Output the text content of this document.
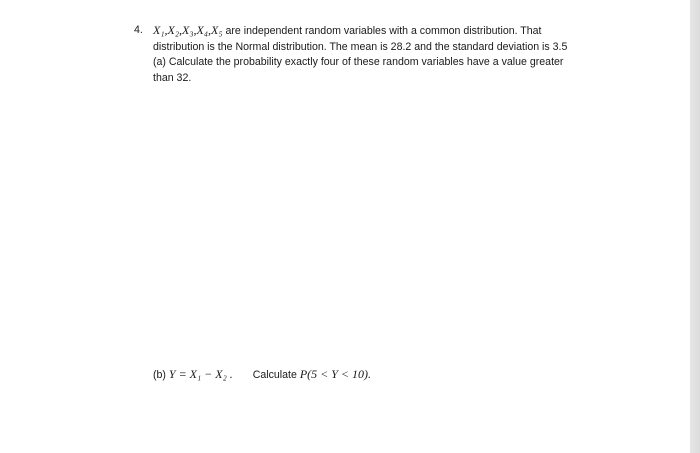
4. X₁,X₂,X₃,X₄,X₅ are independent random variables with a common distribution. That
distribution is the Normal distribution. The mean is 28.2 and the standard deviation is 3.5
(a) Calculate the probability exactly four of these random variables have a value greater
than 32.
(b) Y = X₁ − X₂ . Calculate P(5 < Y < 10).
